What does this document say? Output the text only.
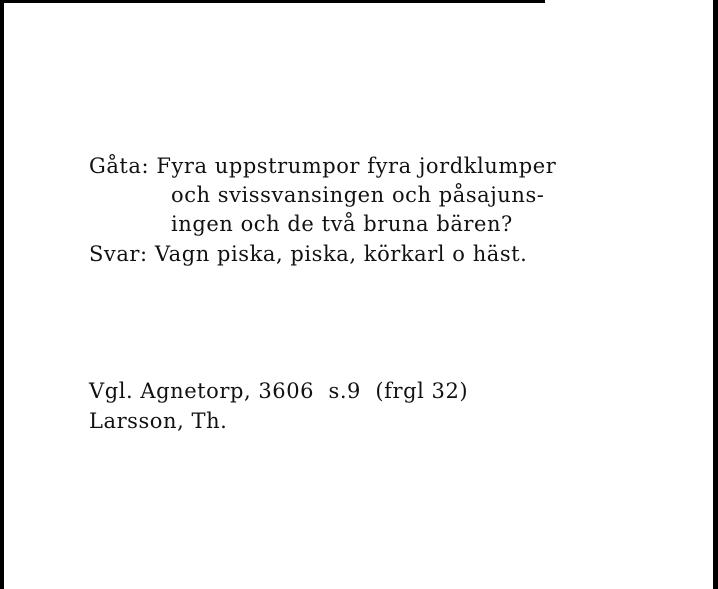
Gåta: Fyra uppstrumpor fyra jordklumper

och svissvansingen och påsajuns-

ingen och de två bruna bären?

Svar: Vagn piska, piska, körkarl o häst.

Vgl. Agnetorp, 3606 s.9 (frgl 32)

Larsson, Th.
